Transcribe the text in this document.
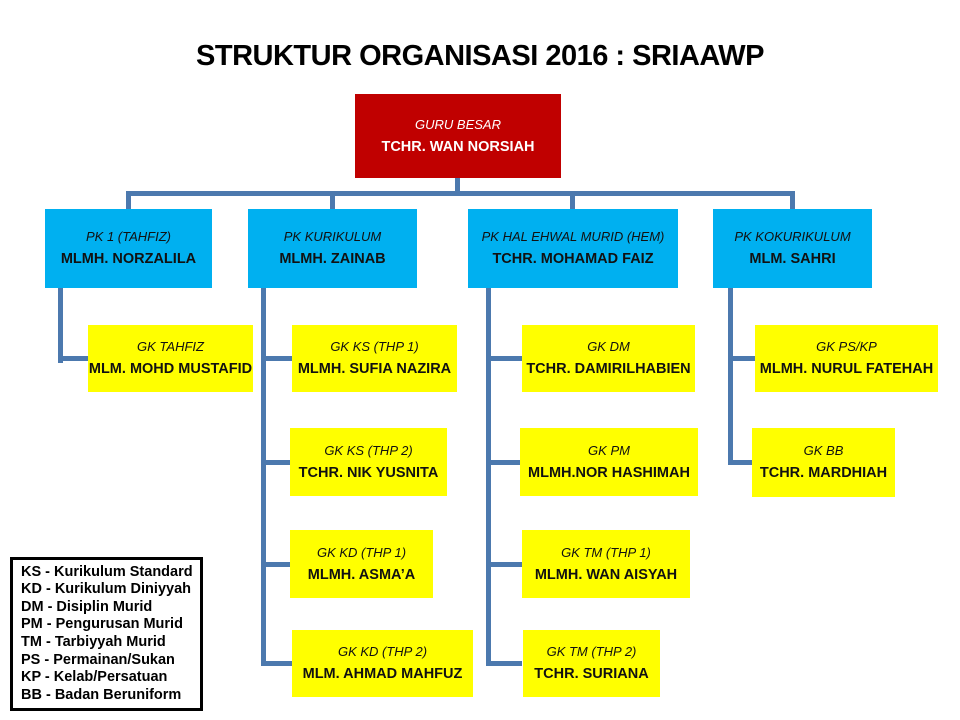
STRUKTUR ORGANISASI 2016 : SRIAAWP
GURU BESAR
TCHR. WAN NORSIAH
PK 1 (TAHFIZ)
MLMH. NORZALILA
PK KURIKULUM
MLMH. ZAINAB
PK HAL EHWAL MURID (HEM)
TCHR. MOHAMAD FAIZ
PK KOKURIKULUM
MLM. SAHRI
GK TAHFIZ
MLM. MOHD MUSTAFID
GK KS (THP 1)
MLMH. SUFIA NAZIRA
GK KS (THP 2)
TCHR. NIK YUSNITA
GK KD (THP 1)
MLMH. ASMA’A
GK KD (THP 2)
MLM. AHMAD MAHFUZ
GK DM
TCHR. DAMIRILHABIEN
GK PM
MLMH.NOR HASHIMAH
GK TM (THP 1)
MLMH. WAN AISYAH
GK TM (THP 2)
TCHR. SURIANA
GK PS/KP
MLMH. NURUL FATEHAH
GK BB
TCHR. MARDHIAH
KS - Kurikulum Standard
KD - Kurikulum Diniyyah
DM - Disiplin Murid
PM - Pengurusan Murid
TM - Tarbiyyah Murid
PS - Permainan/Sukan
KP - Kelab/Persatuan
BB - Badan Beruniform
